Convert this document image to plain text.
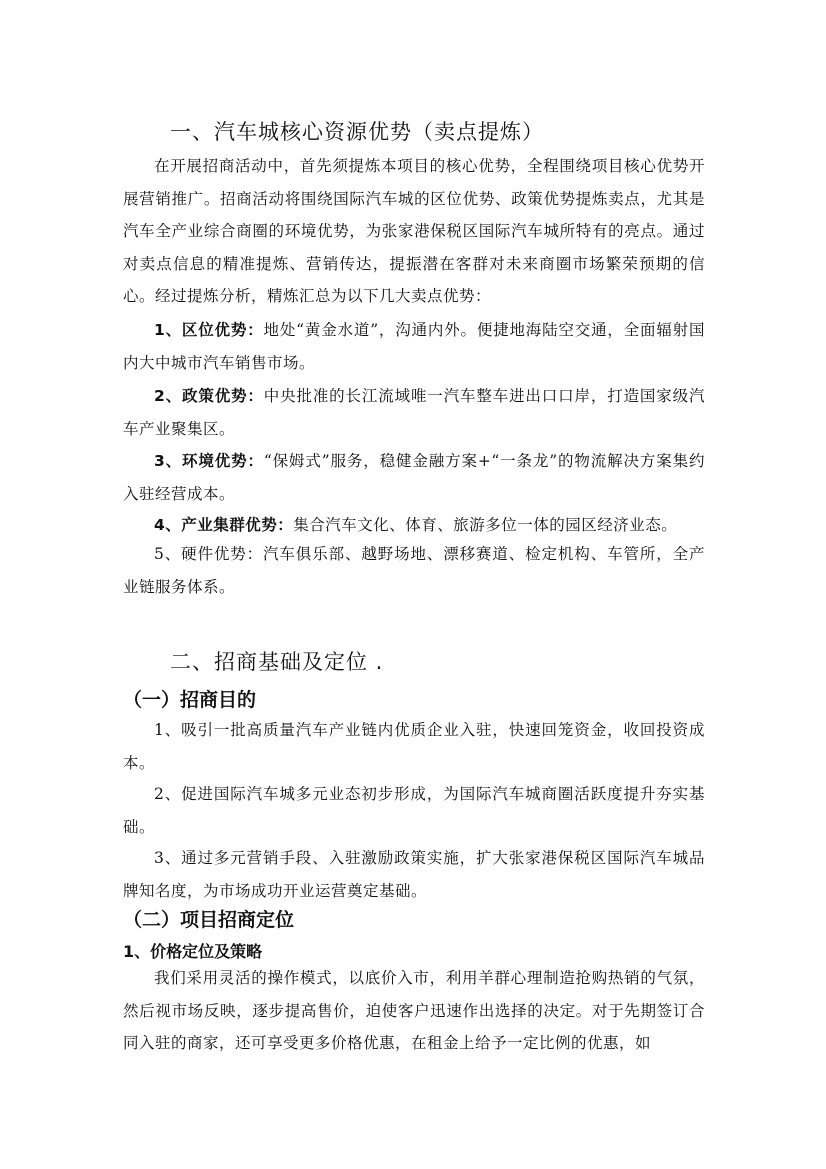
一、汽车城核心资源优势（卖点提炼）
在开展招商活动中，首先须提炼本项目的核心优势，全程围绕项目核心优势开展营销推广。招商活动将围绕国际汽车城的区位优势、政策优势提炼卖点，尤其是汽车全产业综合商圈的环境优势，为张家港保税区国际汽车城所特有的亮点。通过对卖点信息的精准提炼、营销传达，提振潜在客群对未来商圈市场繁荣预期的信心。经过提炼分析，精炼汇总为以下几大卖点优势：
1、区位优势：地处“黄金水道”，沟通内外。便捷地海陆空交通，全面辐射国内大中城市汽车销售市场。
2、政策优势：中央批准的长江流域唯一汽车整车进出口口岸，打造国家级汽车产业聚集区。
3、环境优势：“保姆式”服务，稳健金融方案+“一条龙”的物流解决方案集约入驻经营成本。
4、产业集群优势：集合汽车文化、体育、旅游多位一体的园区经济业态。
5、硬件优势：汽车俱乐部、越野场地、漂移赛道、检定机构、车管所，全产业链服务体系。
二、招商基础及定位 .
（一）招商目的
1、吸引一批高质量汽车产业链内优质企业入驻，快速回笼资金，收回投资成本。
2、促进国际汽车城多元业态初步形成，为国际汽车城商圈活跃度提升夯实基础。
3、通过多元营销手段、入驻激励政策实施，扩大张家港保税区国际汽车城品牌知名度，为市场成功开业运营奠定基础。
（二）项目招商定位
1、价格定位及策略
我们采用灵活的操作模式，以底价入市，利用羊群心理制造抢购热销的气氛，然后视市场反映，逐步提高售价，迫使客户迅速作出选择的决定。对于先期签订合同入驻的商家，还可享受更多价格优惠，在租金上给予一定比例的优惠，如
